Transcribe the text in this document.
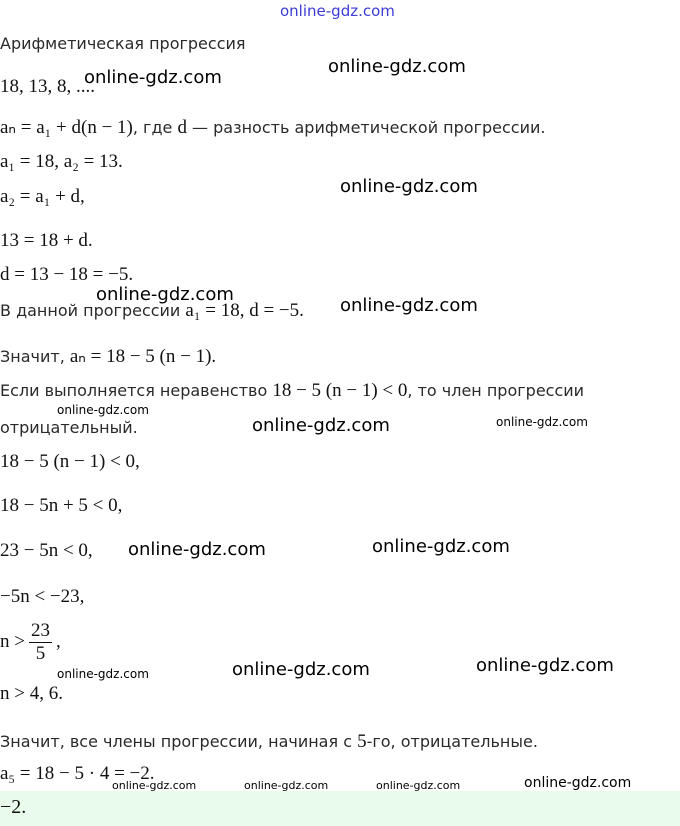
online-gdz.com
Арифметическая прогрессия
18, 13, 8, ....
aₙ = a₁ + d(n − 1), где d — разность арифметической прогрессии.
a₁ = 18, a₂ = 13.
a₂ = a₁ + d,
13 = 18 + d.
d = 13 − 18 = −5.
В данной прогрессии a₁ = 18, d = −5.
Значит, aₙ = 18 − 5 (n − 1).
Если выполняется неравенство 18 − 5 (n − 1) < 0, то член прогрессии
отрицательный.
18 − 5 (n − 1) < 0,
18 − 5n + 5 < 0,
23 − 5n < 0,
−5n < −23,
$n > \frac{23}{5}$ ,
n > 4, 6.
Значит, все члены прогрессии, начиная с 5-го, отрицательные.
a₅ = 18 − 5 · 4 = −2.
−2.
online-gdz.com
online-gdz.com
online-gdz.com
online-gdz.com
online-gdz.com
online-gdz.com
online-gdz.com	online-gdz.com
online-gdz.com	online-gdz.com
online-gdz.com	online-gdz.com
online-gdz.com
online-gdz.com	online-gdz.com	online-gdz.com	online-gdz.com
